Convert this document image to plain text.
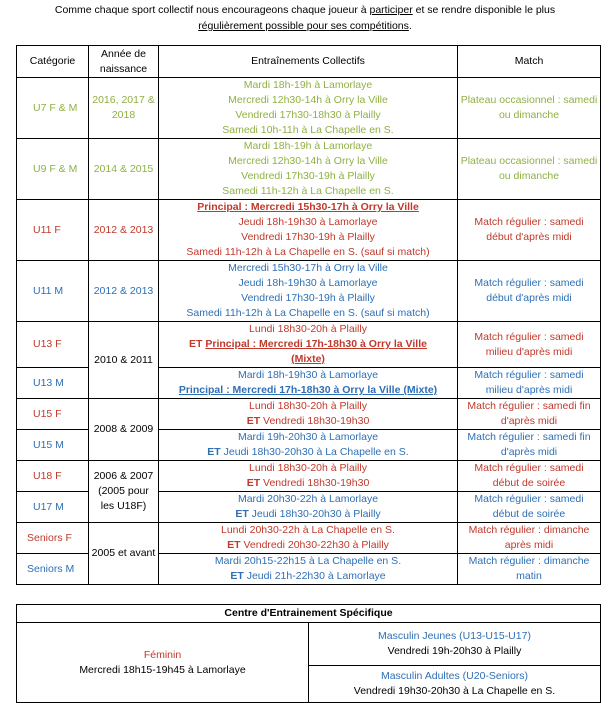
Comme chaque sport collectif nous encourageons chaque joueur à participer et se rendre disponible le plus
régulièrement possible pour ses compétitions.
Catégorie	Année de naissance	Entraînements Collectifs	Match
U7 F & M	2016, 2017 & 2018	Mardi 18h-19h à Lamorlaye
Mercredi 12h30-14h à Orry la Ville
Vendredi 17h30-18h30 à Plailly
Samedi 10h-11h à La Chapelle en S.	Plateau occasionnel : samedi ou dimanche
U9 F & M	2014 & 2015	Mardi 18h-19h à Lamorlaye
Mercredi 12h30-14h à Orry la Ville
Vendredi 17h30-19h à Plailly
Samedi 11h-12h à La Chapelle en S.	Plateau occasionnel : samedi ou dimanche
U11 F	2012 & 2013	Principal : Mercredi 15h30-17h à Orry la Ville
Jeudi 18h-19h30 à Lamorlaye
Vendredi 17h30-19h à Plailly
Samedi 11h-12h à La Chapelle en S. (sauf si match)	Match régulier : samedi début d'après midi
U11 M	2012 & 2013	Mercredi 15h30-17h à Orry la Ville
Jeudi 18h-19h30 à Lamorlaye
Vendredi 17h30-19h à Plailly
Samedi 11h-12h à La Chapelle en S. (sauf si match)	Match régulier : samedi début d'après midi
U13 F	2010 & 2011	Lundi 18h30-20h à Plailly
ET Principal : Mercredi 17h-18h30 à Orry la Ville
(Mixte)	Match régulier : samedi milieu d'après midi
U13 M		Mardi 18h-19h30 à Lamorlaye
Principal : Mercredi 17h-18h30 à Orry la Ville (Mixte)	Match régulier : samedi milieu d'après midi
U15 F	2008 & 2009	Lundi 18h30-20h à Plailly
ET Vendredi 18h30-19h30	Match régulier : samedi fin d'après midi
U15 M		Mardi 19h-20h30 à Lamorlaye
ET Jeudi 18h30-20h30 à La Chapelle en S.	Match régulier : samedi fin d'après midi
U18 F	2006 & 2007 (2005 pour les U18F)	Lundi 18h30-20h à Plailly
ET Vendredi 18h30-19h30	Match régulier : samedi début de soirée
U17 M		Mardi 20h30-22h à Lamorlaye
ET Jeudi 18h30-20h30 à Plailly	Match régulier : samedi début de soirée
Seniors F	2005 et avant	Lundi 20h30-22h à La Chapelle en S.
ET Vendredi 20h30-22h30 à Plailly	Match régulier : dimanche après midi
Seniors M		Mardi 20h15-22h15 à La Chapelle en S.
ET Jeudi 21h-22h30 à Lamorlaye	Match régulier : dimanche matin
Centre d'Entrainement Spécifique

Féminin
Mercredi 18h15-19h45 à Lamorlaye

Masculin Jeunes (U13-U15-U17)
Vendredi 19h-20h30 à Plailly

Masculin Adultes (U20-Seniors)
Vendredi 19h30-20h30 à La Chapelle en S.
